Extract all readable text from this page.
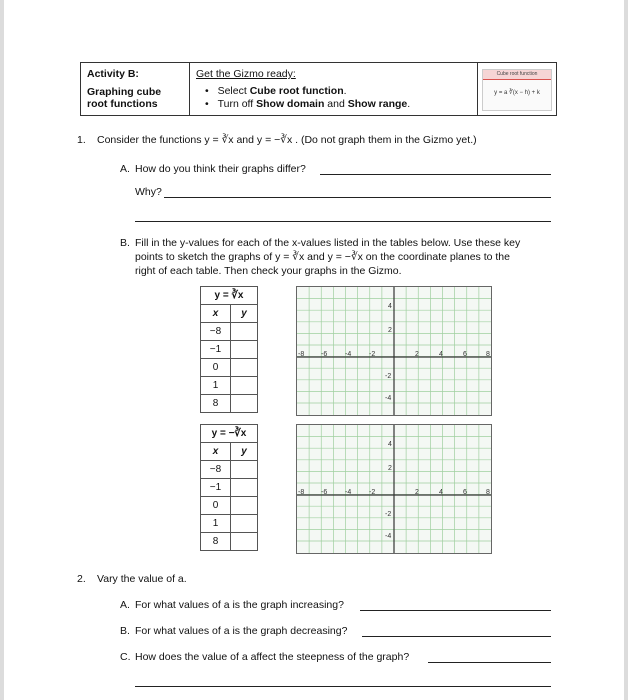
Activity B:
Graphing cube
root functions
Get the Gizmo ready:
• Select Cube root function.
• Turn off Show domain and Show range.
Cube root function
y = a ∛(x − h) + k
1. Consider the functions y = ∛x and y = −∛x . (Do not graph them in the Gizmo yet.)
A. How do you think their graphs differ?
Why?
B. Fill in the y-values for each of the x-values listed in the tables below. Use these key
points to sketch the graphs of y = ∛x and y = −∛x on the coordinate planes to the
right of each table. Then check your graphs in the Gizmo.
y = ∛x	
x	y
−8	
−1	
0	
1	
8	
-8 -6	-4	-2	2	4	6	8
4
2
-2
-4
y = −∛x	
x	y
−8	
−1	
0	
1	
8	
-8 -6	-4	-2	2	4	6	8
4
2
-2
-4
2. Vary the value of a.
A. For what values of a is the graph increasing?
B. For what values of a is the graph decreasing?
C. How does the value of a affect the steepness of the graph?
